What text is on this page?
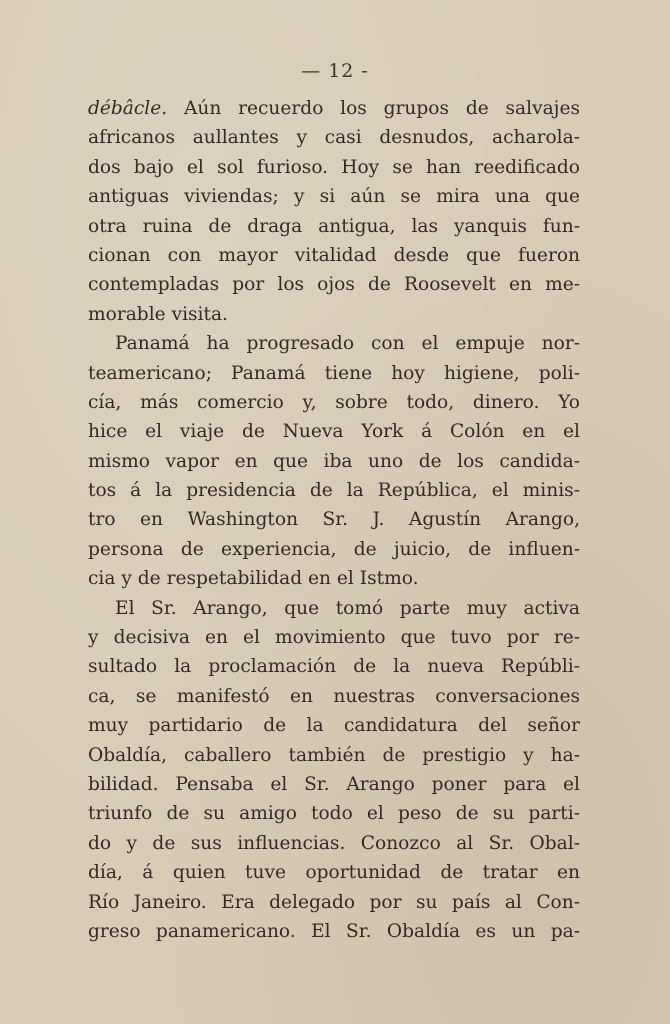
— 12 -
débâcle. Aún recuerdo los grupos de salvajes
africanos aullantes y casi desnudos, acharola-
dos bajo el sol furioso. Hoy se han reedificado
antiguas viviendas; y si aún se mira una que
otra ruina de draga antigua, las yanquis fun-
cionan con mayor vitalidad desde que fueron
contempladas por los ojos de Roosevelt en me-
morable visita.
Panamá ha progresado con el empuje nor-
teamericano; Panamá tiene hoy higiene, poli-
cía, más comercio y, sobre todo, dinero. Yo
hice el viaje de Nueva York á Colón en el
mismo vapor en que iba uno de los candida-
tos á la presidencia de la República, el minis-
tro en Washington Sr. J. Agustín Arango,
persona de experiencia, de juicio, de influen-
cia y de respetabilidad en el Istmo.
El Sr. Arango, que tomó parte muy activa
y decisiva en el movimiento que tuvo por re-
sultado la proclamación de la nueva Repúbli-
ca, se manifestó en nuestras conversaciones
muy partidario de la candidatura del señor
Obaldía, caballero también de prestigio y ha-
bilidad. Pensaba el Sr. Arango poner para el
triunfo de su amigo todo el peso de su parti-
do y de sus influencias. Conozco al Sr. Obal-
día, á quien tuve oportunidad de tratar en
Río Janeiro. Era delegado por su país al Con-
greso panamericano. El Sr. Obaldía es un pa-
